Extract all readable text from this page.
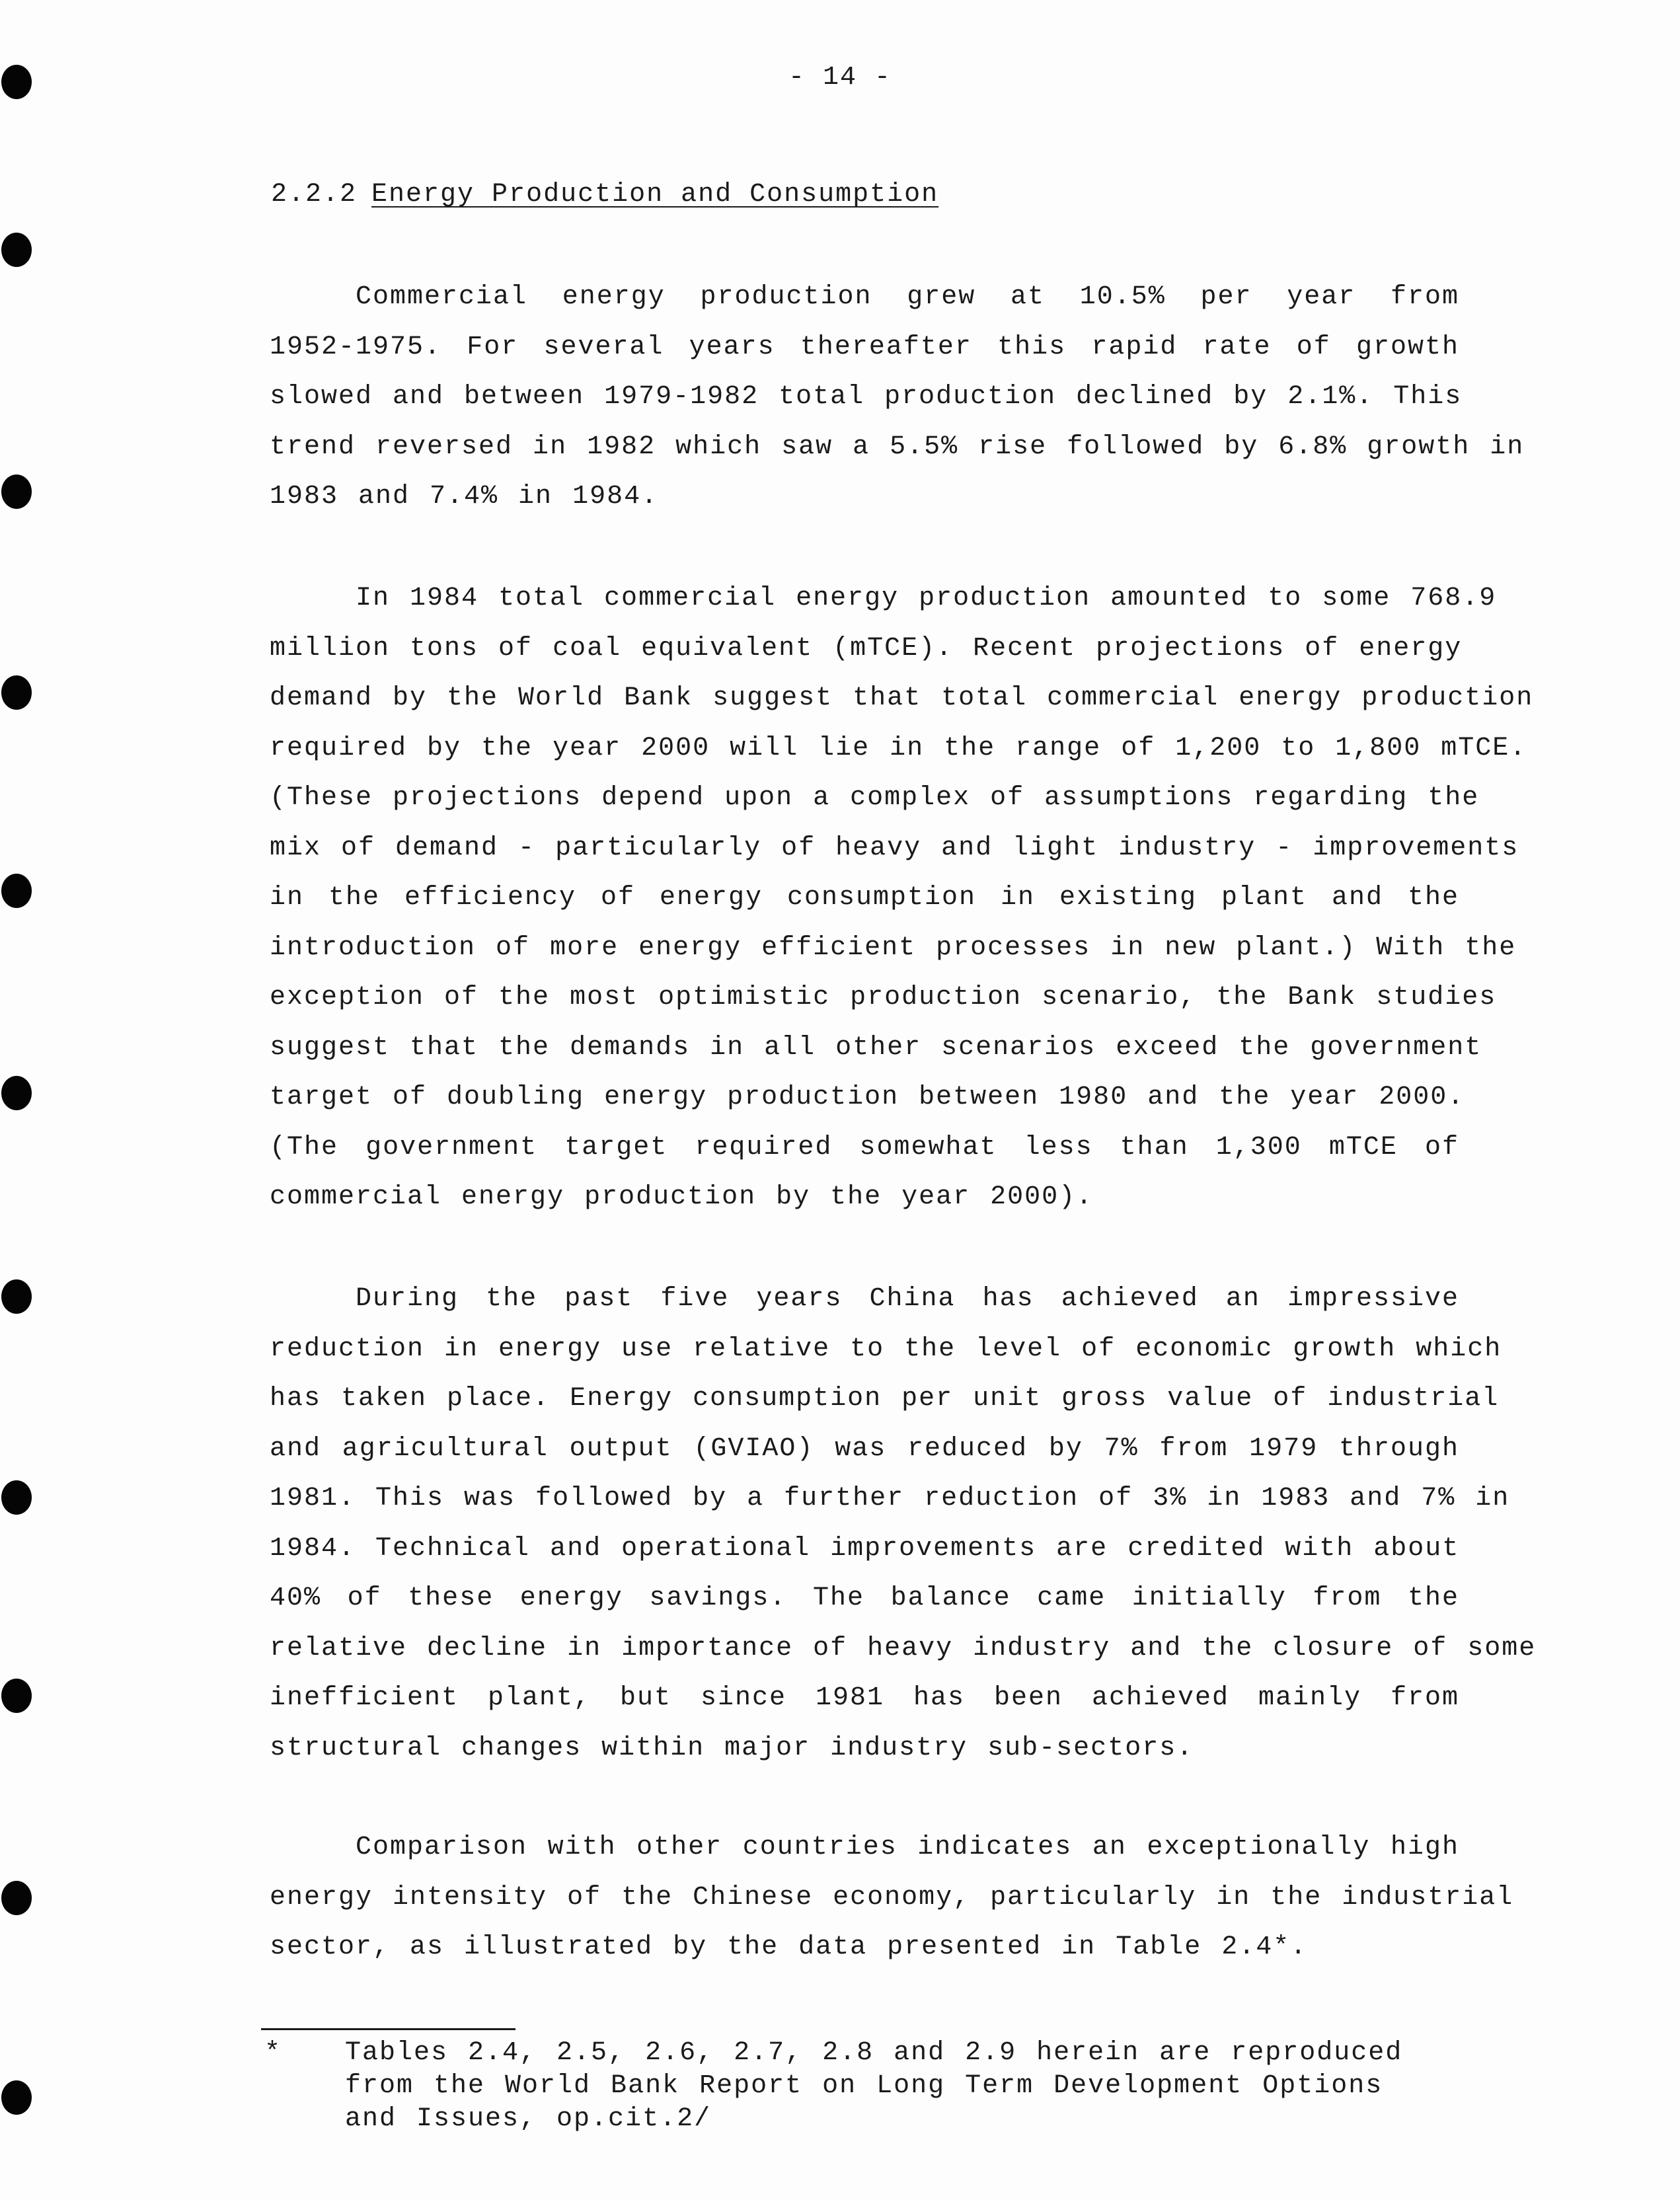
- 14 -
2.2.2 Energy Production and Consumption
Commercial energy production grew at 10.5% per year from
1952-1975. For several years thereafter this rapid rate of growth
slowed and between 1979-1982 total production declined by 2.1%. This
trend reversed in 1982 which saw a 5.5% rise followed by 6.8% growth in
1983 and 7.4% in 1984.
In 1984 total commercial energy production amounted to some 768.9
million tons of coal equivalent (mTCE). Recent projections of energy
demand by the World Bank suggest that total commercial energy production
required by the year 2000 will lie in the range of 1,200 to 1,800 mTCE.
(These projections depend upon a complex of assumptions regarding the
mix of demand - particularly of heavy and light industry - improvements
in the efficiency of energy consumption in existing plant and the
introduction of more energy efficient processes in new plant.) With the
exception of the most optimistic production scenario, the Bank studies
suggest that the demands in all other scenarios exceed the government
target of doubling energy production between 1980 and the year 2000.
(The government target required somewhat less than 1,300 mTCE of
commercial energy production by the year 2000).
During the past five years China has achieved an impressive
reduction in energy use relative to the level of economic growth which
has taken place. Energy consumption per unit gross value of industrial
and agricultural output (GVIAO) was reduced by 7% from 1979 through
1981. This was followed by a further reduction of 3% in 1983 and 7% in
1984. Technical and operational improvements are credited with about
40% of these energy savings. The balance came initially from the
relative decline in importance of heavy industry and the closure of some
inefficient plant, but since 1981 has been achieved mainly from
structural changes within major industry sub-sectors.
Comparison with other countries indicates an exceptionally high
energy intensity of the Chinese economy, particularly in the industrial
sector, as illustrated by the data presented in Table 2.4*.
* Tables 2.4, 2.5, 2.6, 2.7, 2.8 and 2.9 herein are reproduced
from the World Bank Report on Long Term Development Options
and Issues, op.cit.2/
